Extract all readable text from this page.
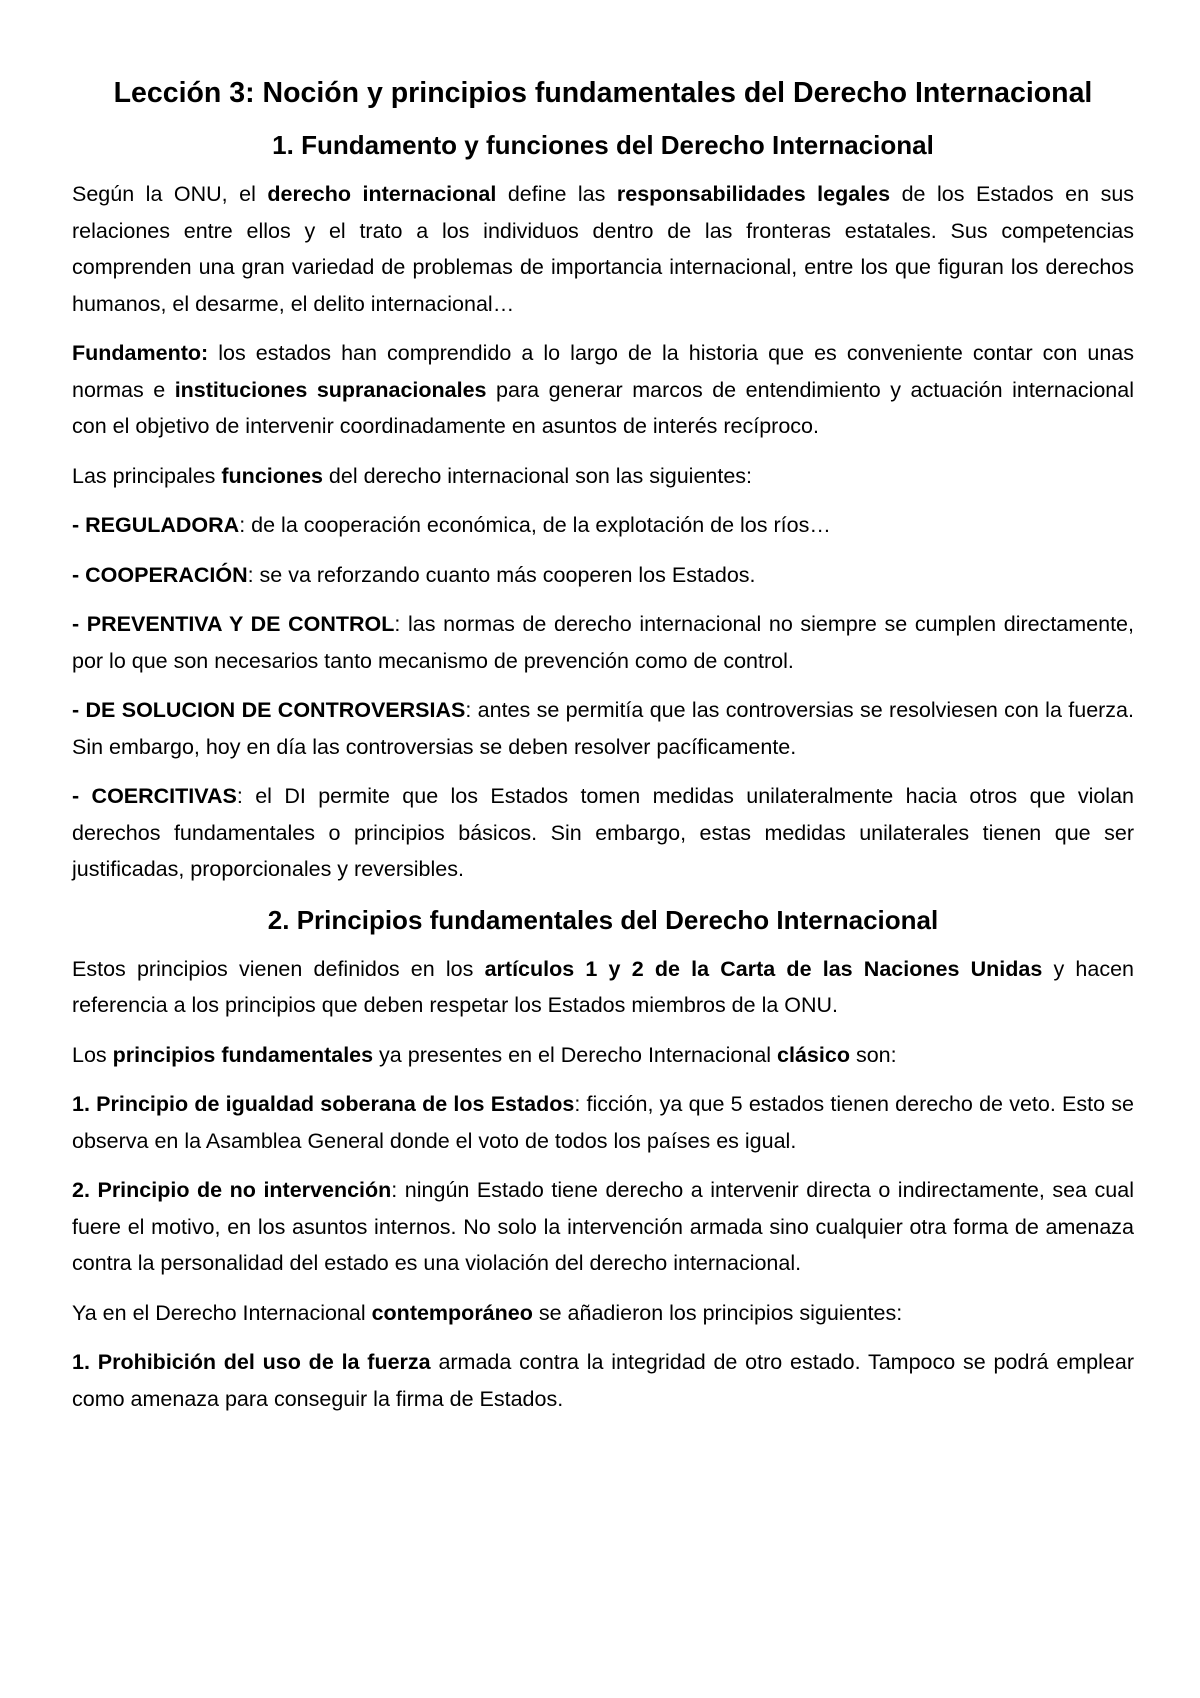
Lección 3: Noción y principios fundamentales del Derecho Internacional
1. Fundamento y funciones del Derecho Internacional

Según la ONU, el derecho internacional define las responsabilidades legales de los Estados en sus relaciones entre ellos y el trato a los individuos dentro de las fronteras estatales. Sus competencias comprenden una gran variedad de problemas de importancia internacional, entre los que figuran los derechos humanos, el desarme, el delito internacional…

Fundamento: los estados han comprendido a lo largo de la historia que es conveniente contar con unas normas e instituciones supranacionales para generar marcos de entendimiento y actuación internacional con el objetivo de intervenir coordinadamente en asuntos de interés recíproco.

Las principales funciones del derecho internacional son las siguientes:

- REGULADORA: de la cooperación económica, de la explotación de los ríos…

- COOPERACIÓN: se va reforzando cuanto más cooperen los Estados.

- PREVENTIVA Y DE CONTROL: las normas de derecho internacional no siempre se cumplen directamente, por lo que son necesarios tanto mecanismo de prevención como de control.

- DE SOLUCION DE CONTROVERSIAS: antes se permitía que las controversias se resolviesen con la fuerza. Sin embargo, hoy en día las controversias se deben resolver pacíficamente.

- COERCITIVAS: el DI permite que los Estados tomen medidas unilateralmente hacia otros que violan derechos fundamentales o principios básicos. Sin embargo, estas medidas unilaterales tienen que ser justificadas, proporcionales y reversibles.

2. Principios fundamentales del Derecho Internacional

Estos principios vienen definidos en los artículos 1 y 2 de la Carta de las Naciones Unidas y hacen referencia a los principios que deben respetar los Estados miembros de la ONU.

Los principios fundamentales ya presentes en el Derecho Internacional clásico son:

1. Principio de igualdad soberana de los Estados: ficción, ya que 5 estados tienen derecho de veto. Esto se observa en la Asamblea General donde el voto de todos los países es igual.

2. Principio de no intervención: ningún Estado tiene derecho a intervenir directa o indirectamente, sea cual fuere el motivo, en los asuntos internos. No solo la intervención armada sino cualquier otra forma de amenaza contra la personalidad del estado es una violación del derecho internacional.

Ya en el Derecho Internacional contemporáneo se añadieron los principios siguientes:

1. Prohibición del uso de la fuerza armada contra la integridad de otro estado. Tampoco se podrá emplear como amenaza para conseguir la firma de Estados.
